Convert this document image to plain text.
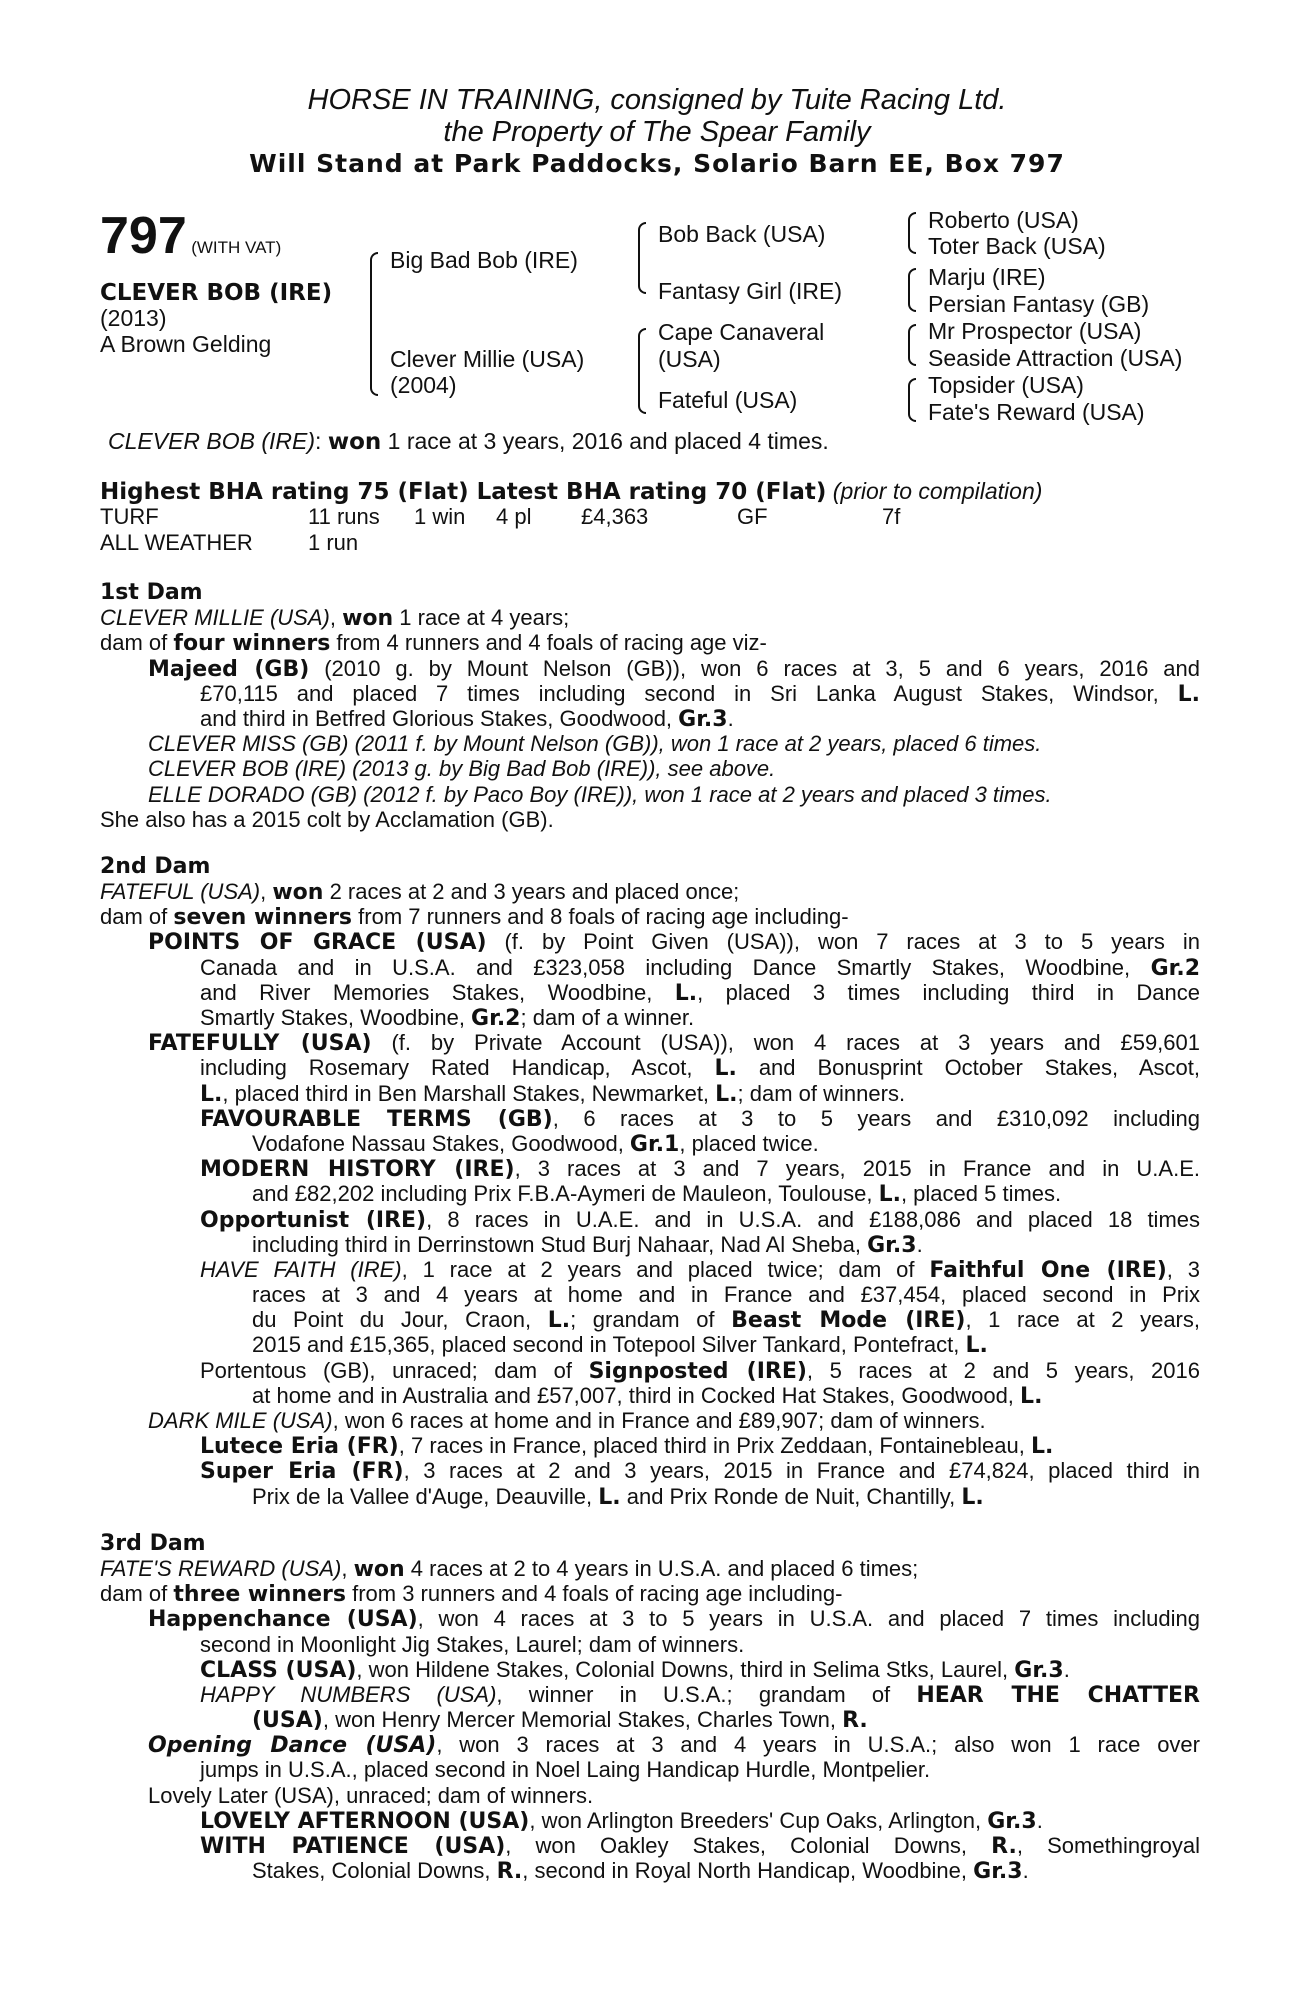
HORSE IN TRAINING, consigned by Tuite Racing Ltd.
the Property of The Spear Family
Will Stand at Park Paddocks, Solario Barn EE, Box 797
797 (WITH VAT)
CLEVER BOB (IRE)
(2013)
A Brown Gelding
Big Bad Bob (IRE)
Clever Millie (USA)
(2004)
Bob Back (USA)
Fantasy Girl (IRE)
Cape Canaveral
(USA)
Fateful (USA)
Roberto (USA)
Toter Back (USA)
Marju (IRE)
Persian Fantasy (GB)
Mr Prospector (USA)
Seaside Attraction (USA)
Topsider (USA)
Fate's Reward (USA)
CLEVER BOB (IRE): won 1 race at 3 years, 2016 and placed 4 times.
Highest BHA rating 75 (Flat) Latest BHA rating 70 (Flat) (prior to compilation)
TURF	11 runs 1 win 4 pl £4,363	GF	7f
ALL WEATHER	1 run
1st Dam
CLEVER MILLIE (USA), won 1 race at 4 years;
dam of four winners from 4 runners and 4 foals of racing age viz-
Majeed (GB) (2010 g. by Mount Nelson (GB)), won 6 races at 3, 5 and 6 years, 2016 and
£70,115 and placed 7 times including second in Sri Lanka August Stakes, Windsor, L.
and third in Betfred Glorious Stakes, Goodwood, Gr.3.
CLEVER MISS (GB) (2011 f. by Mount Nelson (GB)), won 1 race at 2 years, placed 6 times.
CLEVER BOB (IRE) (2013 g. by Big Bad Bob (IRE)), see above.
ELLE DORADO (GB) (2012 f. by Paco Boy (IRE)), won 1 race at 2 years and placed 3 times.
She also has a 2015 colt by Acclamation (GB).
2nd Dam
FATEFUL (USA), won 2 races at 2 and 3 years and placed once;
dam of seven winners from 7 runners and 8 foals of racing age including-
POINTS OF GRACE (USA) (f. by Point Given (USA)), won 7 races at 3 to 5 years in
Canada and in U.S.A. and £323,058 including Dance Smartly Stakes, Woodbine, Gr.2
and River Memories Stakes, Woodbine, L., placed 3 times including third in Dance
Smartly Stakes, Woodbine, Gr.2; dam of a winner.
FATEFULLY (USA) (f. by Private Account (USA)), won 4 races at 3 years and £59,601
including Rosemary Rated Handicap, Ascot, L. and Bonusprint October Stakes, Ascot,
L., placed third in Ben Marshall Stakes, Newmarket, L.; dam of winners.
FAVOURABLE TERMS (GB), 6 races at 3 to 5 years and £310,092 including
Vodafone Nassau Stakes, Goodwood, Gr.1, placed twice.
MODERN HISTORY (IRE), 3 races at 3 and 7 years, 2015 in France and in U.A.E.
and £82,202 including Prix F.B.A-Aymeri de Mauleon, Toulouse, L., placed 5 times.
Opportunist (IRE), 8 races in U.A.E. and in U.S.A. and £188,086 and placed 18 times
including third in Derrinstown Stud Burj Nahaar, Nad Al Sheba, Gr.3.
HAVE FAITH (IRE), 1 race at 2 years and placed twice; dam of Faithful One (IRE), 3
races at 3 and 4 years at home and in France and £37,454, placed second in Prix
du Point du Jour, Craon, L.; grandam of Beast Mode (IRE), 1 race at 2 years,
2015 and £15,365, placed second in Totepool Silver Tankard, Pontefract, L.
Portentous (GB), unraced; dam of Signposted (IRE), 5 races at 2 and 5 years, 2016
at home and in Australia and £57,007, third in Cocked Hat Stakes, Goodwood, L.
DARK MILE (USA), won 6 races at home and in France and £89,907; dam of winners.
Lutece Eria (FR), 7 races in France, placed third in Prix Zeddaan, Fontainebleau, L.
Super Eria (FR), 3 races at 2 and 3 years, 2015 in France and £74,824, placed third in
Prix de la Vallee d'Auge, Deauville, L. and Prix Ronde de Nuit, Chantilly, L.
3rd Dam
FATE'S REWARD (USA), won 4 races at 2 to 4 years in U.S.A. and placed 6 times;
dam of three winners from 3 runners and 4 foals of racing age including-
Happenchance (USA), won 4 races at 3 to 5 years in U.S.A. and placed 7 times including
second in Moonlight Jig Stakes, Laurel; dam of winners.
CLASS (USA), won Hildene Stakes, Colonial Downs, third in Selima Stks, Laurel, Gr.3.
HAPPY NUMBERS (USA), winner in U.S.A.; grandam of HEAR THE CHATTER
(USA), won Henry Mercer Memorial Stakes, Charles Town, R.
Opening Dance (USA), won 3 races at 3 and 4 years in U.S.A.; also won 1 race over
jumps in U.S.A., placed second in Noel Laing Handicap Hurdle, Montpelier.
Lovely Later (USA), unraced; dam of winners.
LOVELY AFTERNOON (USA), won Arlington Breeders' Cup Oaks, Arlington, Gr.3.
WITH PATIENCE (USA), won Oakley Stakes, Colonial Downs, R., Somethingroyal
Stakes, Colonial Downs, R., second in Royal North Handicap, Woodbine, Gr.3.
